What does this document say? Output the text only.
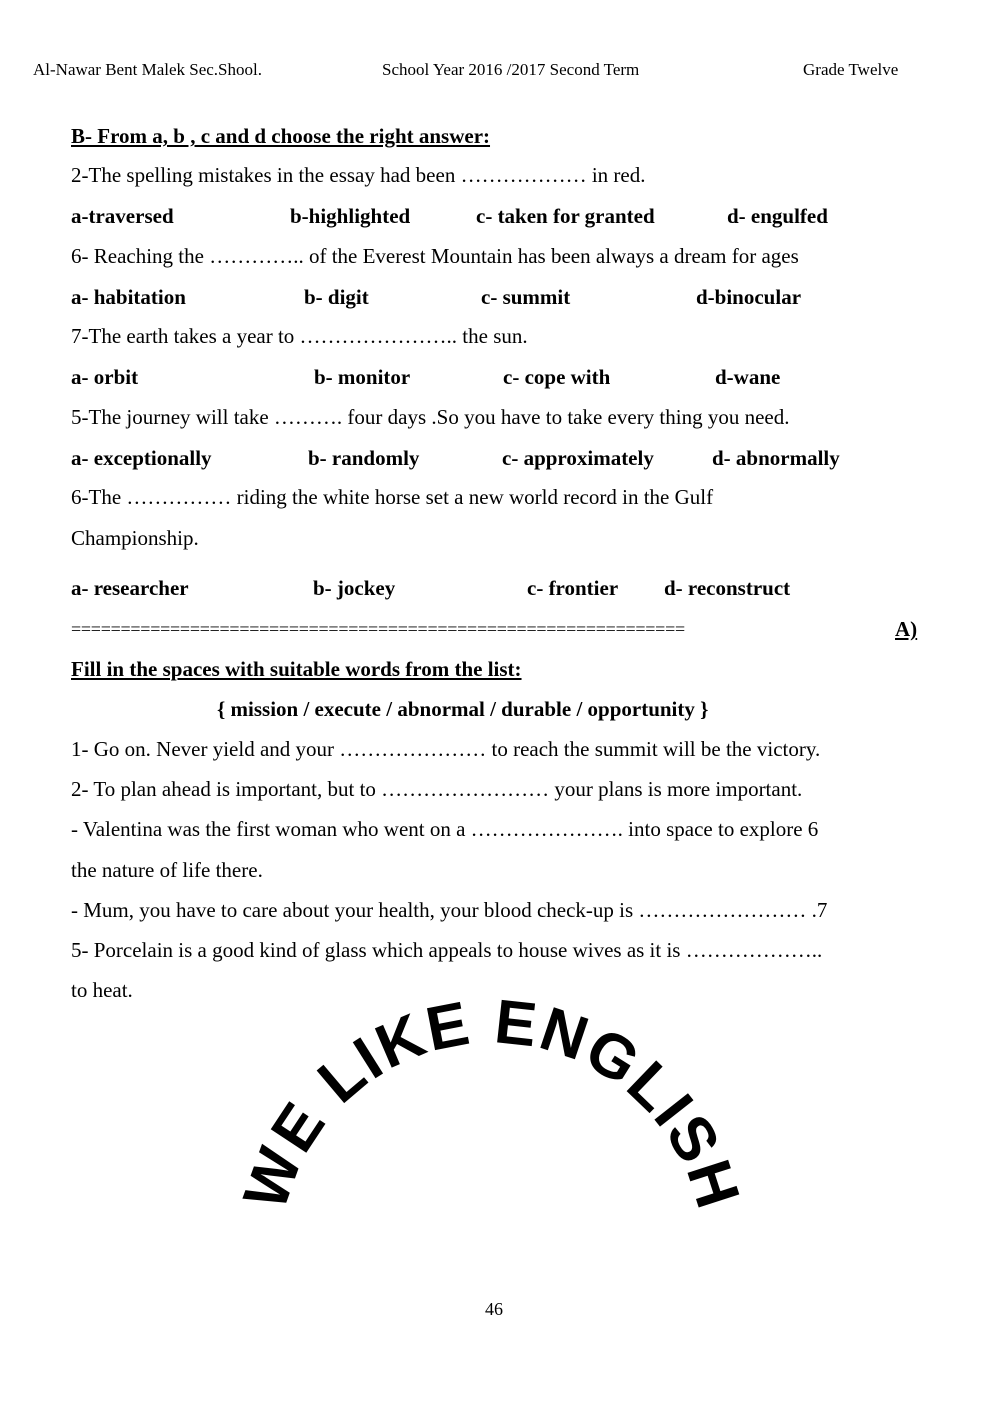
Al-Nawar Bent Malek Sec.Shool.	School Year 2016 /2017 Second Term	Grade Twelve
B- From a, b , c and d choose the right answer:
2-The spelling mistakes in the essay had been ……………… in red.
a-traversed	b-highlighted	c- taken for granted	d- engulfed
6- Reaching the ………….. of the Everest Mountain has been always a dream for ages
a- habitation	b- digit	c- summit	d-binocular
7-The earth takes a year to ………………….. the sun.
a- orbit	b- monitor	c- cope with	d-wane
5-The journey will take ………. four days .So you have to take every thing you need.
a- exceptionally	b- randomly	c- approximately	d- abnormally
6-The …………… riding the white horse set a new world record in the Gulf
Championship.
a- researcher	b- jockey	c- frontier d- reconstruct
==============================================================	A)
Fill in the spaces with suitable words from the list:
{ mission / execute / abnormal / durable / opportunity }
1- Go on. Never yield and your ………………… to reach the summit will be the victory.
2- To plan ahead is important, but to …………………… your plans is more important.
- Valentina was the first woman who went on a …………………. into space to explore 6
the nature of life there.
- Mum, you have to care about your health, your blood check-up is …………………… .7
5- Porcelain is a good kind of glass which appeals to house wives as it is ………………..
to heat.
WE LIKE ENGLISH
46
